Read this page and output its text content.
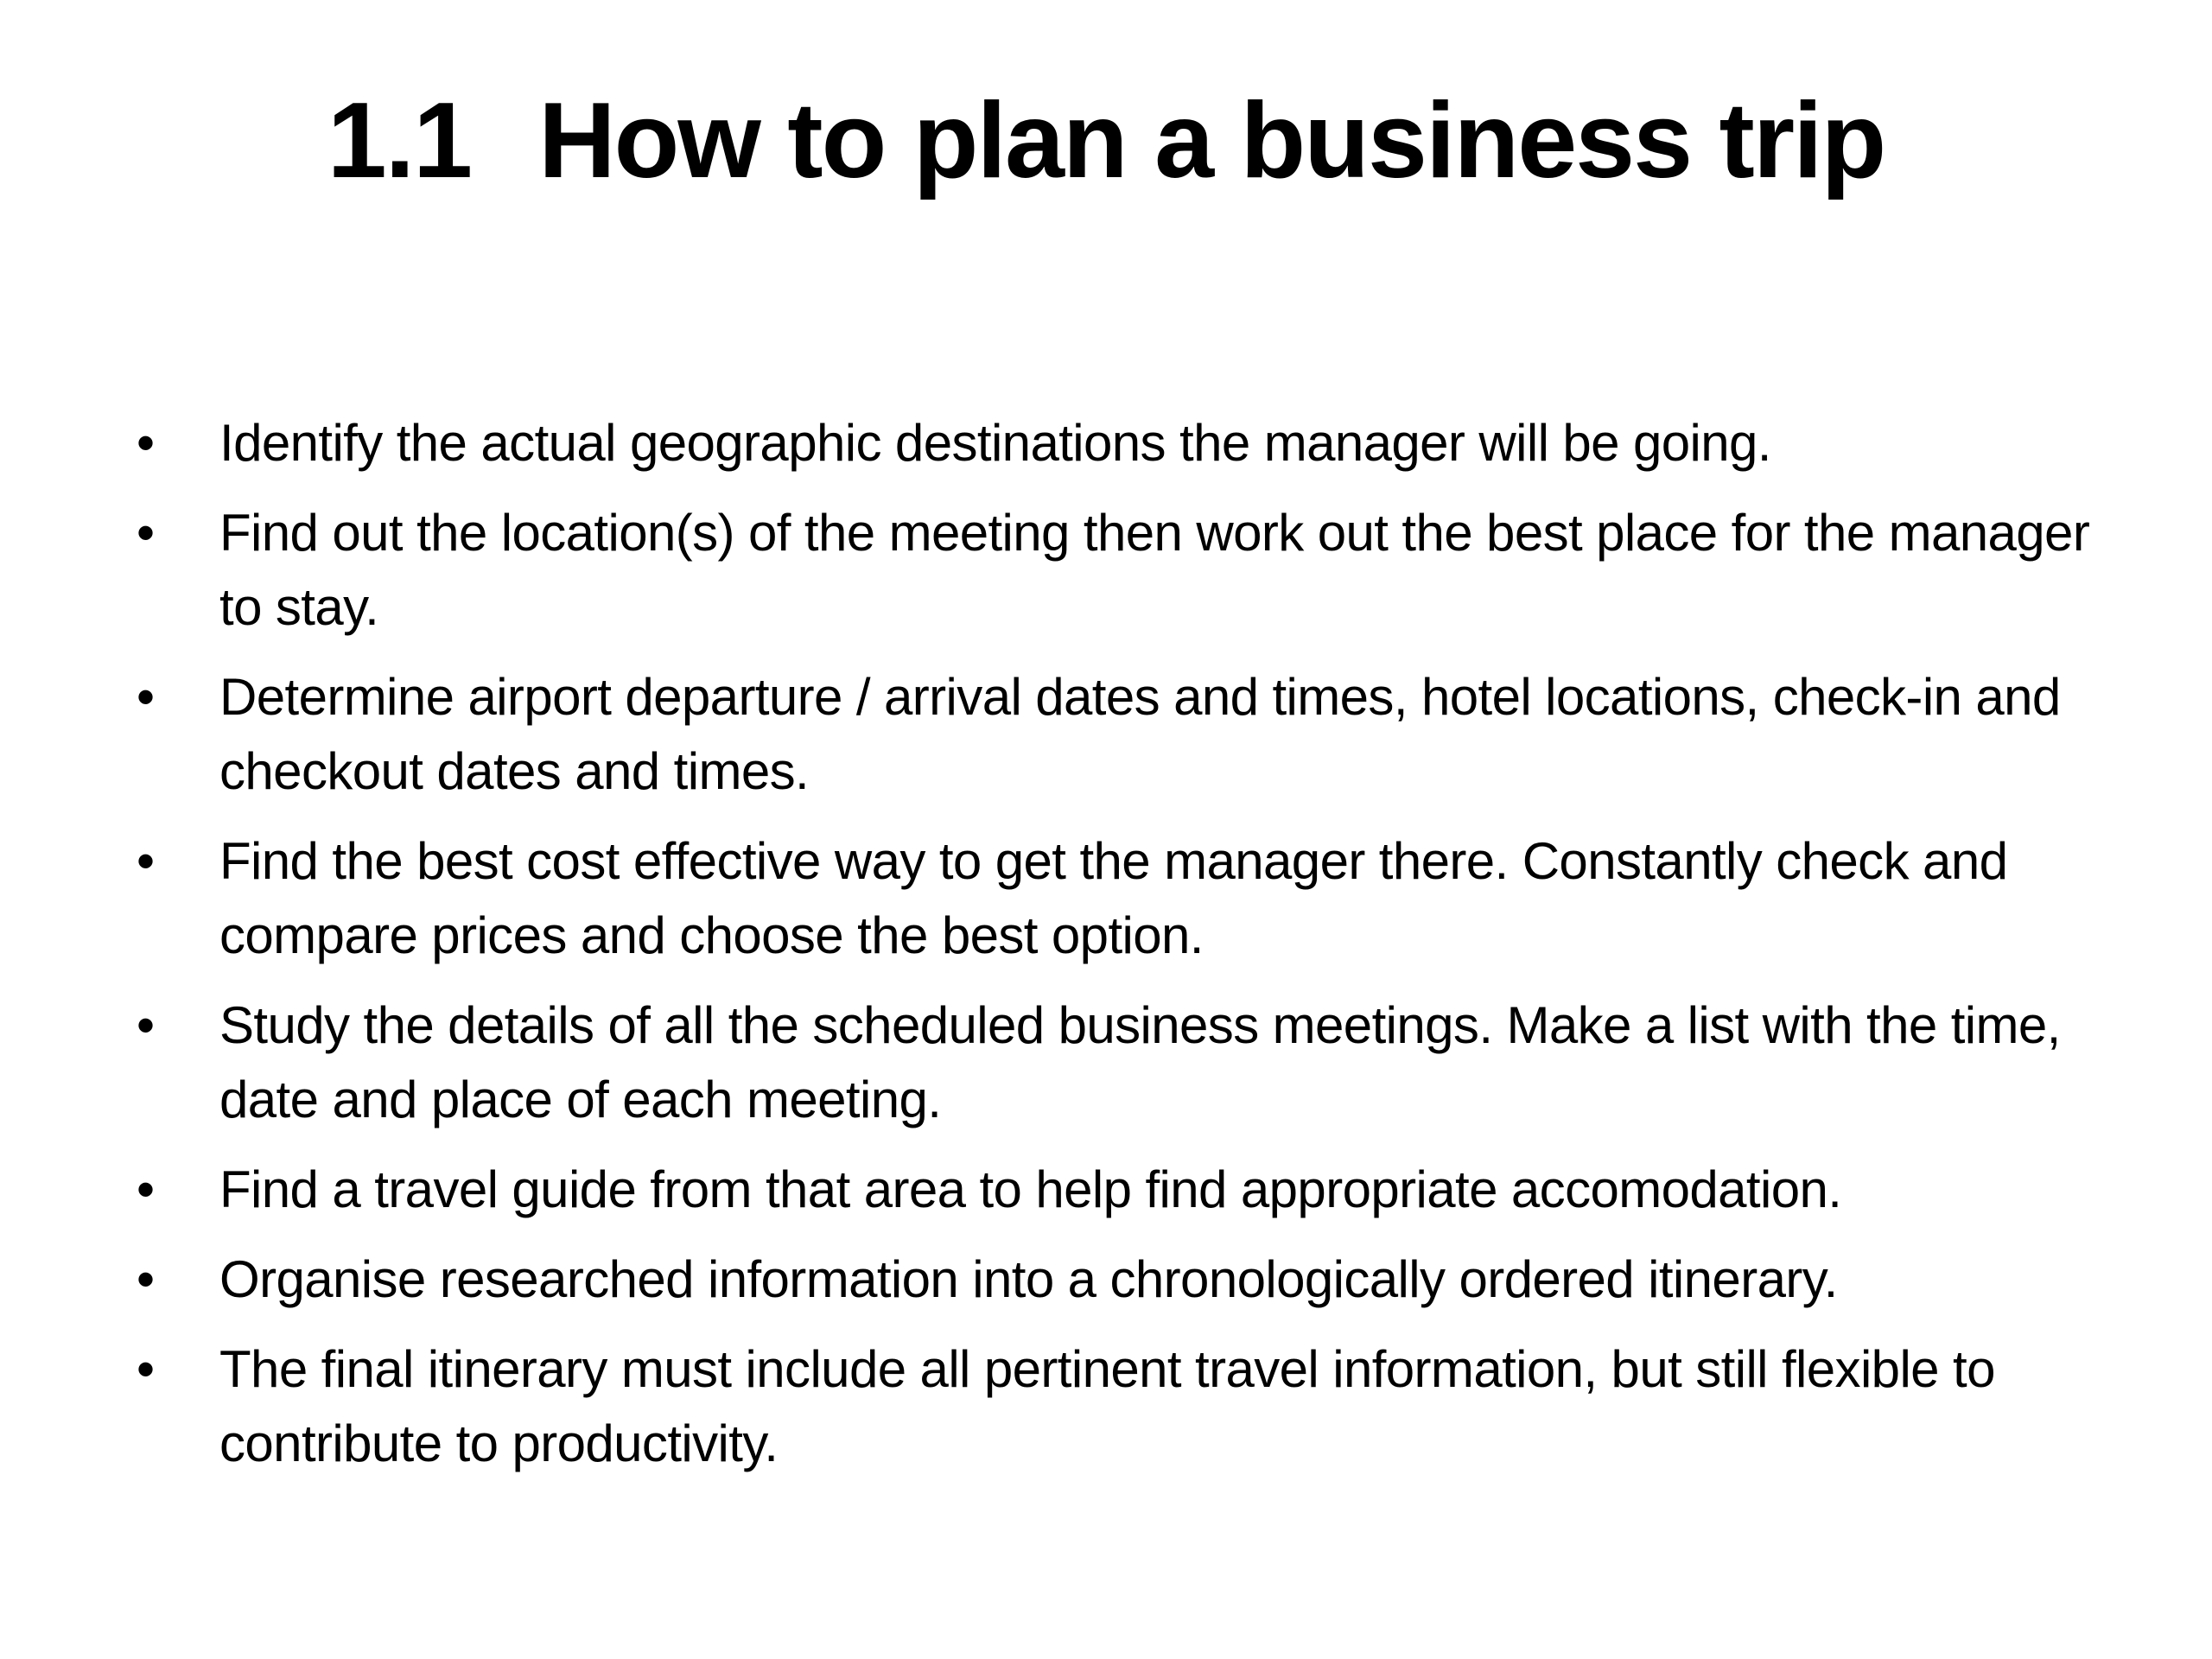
1.1 How to plan a business trip
• Identify the actual geographic destinations the manager will be going.
• Find out the location(s) of the meeting then work out the best place for the manager to stay.
• Determine airport departure / arrival dates and times, hotel locations, check-in and checkout dates and times.
• Find the best cost effective way to get the manager there. Constantly check and compare prices and choose the best option.
• Study the details of all the scheduled business meetings. Make a list with the time, date and place of each meeting.
• Find a travel guide from that area to help find appropriate accomodation.
• Organise researched information into a chronologically ordered itinerary.
• The final itinerary must include all pertinent travel information, but still flexible to contribute to productivity.
